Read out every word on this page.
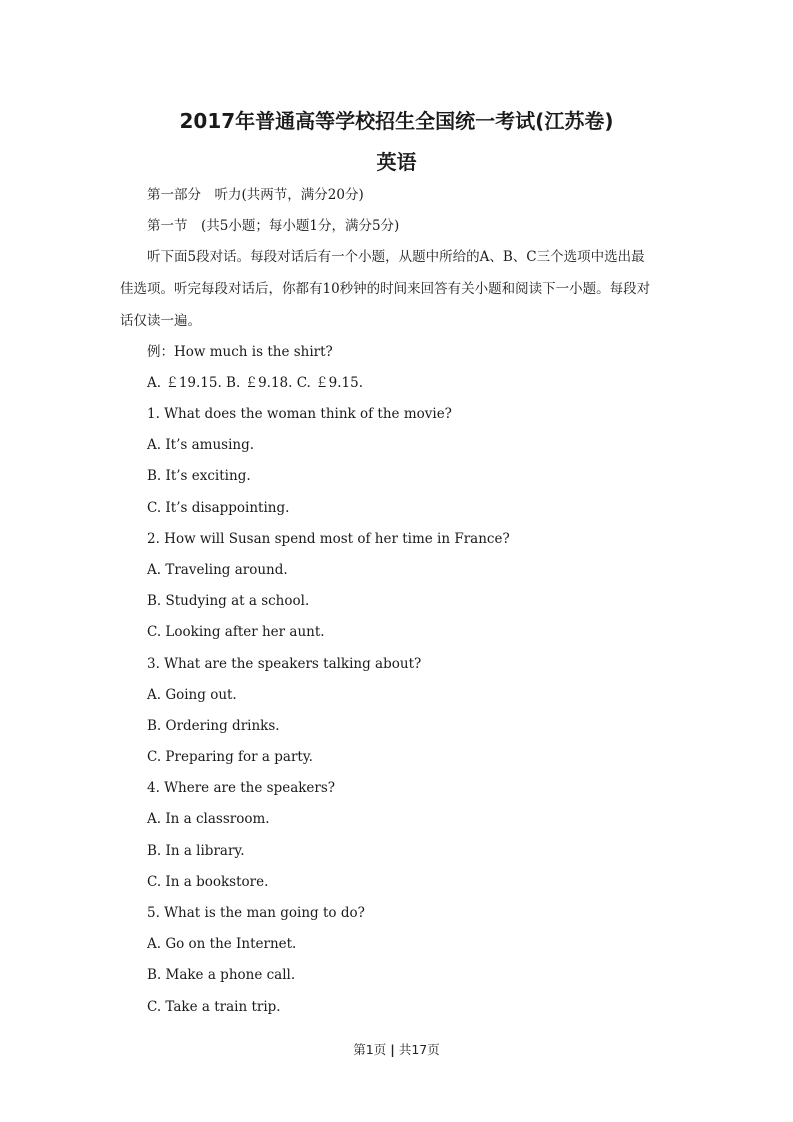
2017年普通高等学校招生全国统一考试(江苏卷)
英语
第一部分　听力(共两节，满分20分)
第一节　(共5小题；每小题1分，满分5分)
听下面5段对话。每段对话后有一个小题，从题中所给的A、B、C三个选项中选出最
佳选项。听完每段对话后，你都有10秒钟的时间来回答有关小题和阅读下一小题。每段对
话仅读一遍。
例：How much is the shirt?
A. ￡19.15. B. ￡9.18. C. ￡9.15.
1. What does the woman think of the movie?
A. It’s amusing.
B. It’s exciting.
C. It’s disappointing.
2. How will Susan spend most of her time in France?
A. Traveling around.
B. Studying at a school.
C. Looking after her aunt.
3. What are the speakers talking about?
A. Going out.
B. Ordering drinks.
C. Preparing for a party.
4. Where are the speakers?
A. In a classroom.
B. In a library.
C. In a bookstore.
5. What is the man going to do?
A. Go on the Internet.
B. Make a phone call.
C. Take a train trip.
第1页 | 共17页
